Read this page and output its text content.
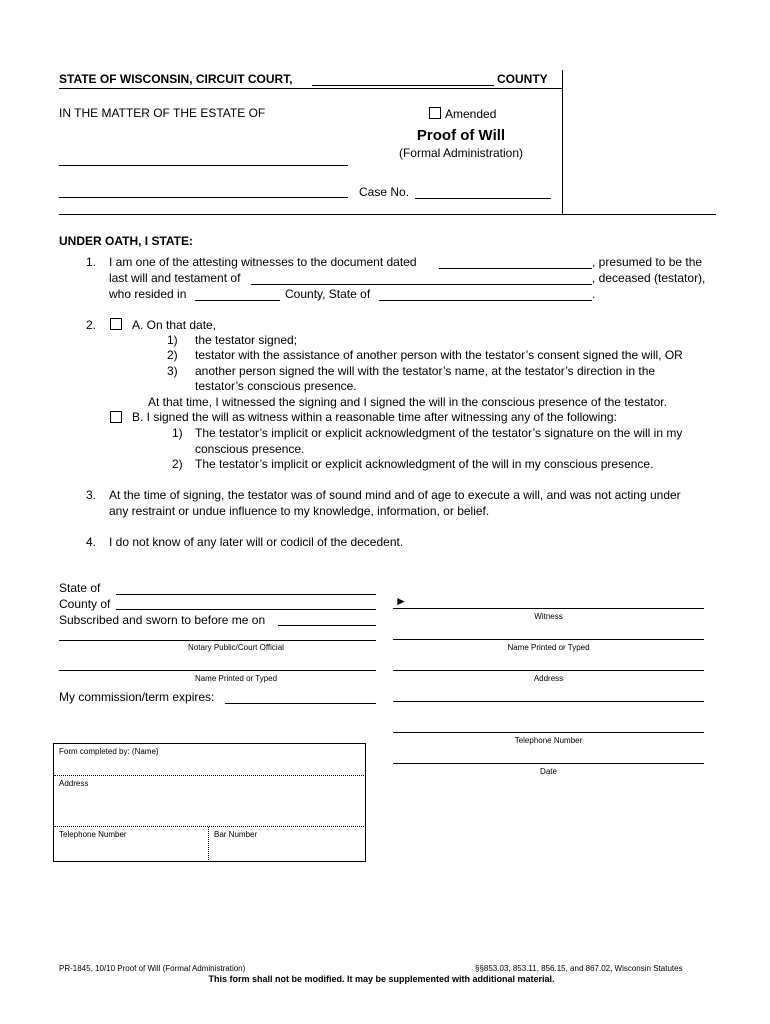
STATE OF WISCONSIN, CIRCUIT COURT,	COUNTY
IN THE MATTER OF THE ESTATE OF	Amended
Proof of Will
(Formal Administration)
Case No.
UNDER OATH, I STATE:
1. I am one of the attesting witnesses to the document dated	, presumed to be the
last will and testament of	, deceased (testator),
who resided in	County, State of	.
2.	A. On that date,
1) the testator signed;
2) testator with the assistance of another person with the testator’s consent signed the will, OR
3) another person signed the will with the testator’s name, at the testator’s direction in the
testator’s conscious presence.
At that time, I witnessed the signing and I signed the will in the conscious presence of the testator.
B. I signed the will as witness within a reasonable time after witnessing any of the following:
1) The testator’s implicit or explicit acknowledgment of the testator’s signature on the will in my
conscious presence.
2) The testator’s implicit or explicit acknowledgment of the will in my conscious presence.
3. At the time of signing, the testator was of sound mind and of age to execute a will, and was not acting under
any restraint or undue influence to my knowledge, information, or belief.
4. I do not know of any later will or codicil of the decedent.
State of
County of
Subscribed and sworn to before me on
Notary Public/Court Official
Name Printed or Typed
My commission/term expires:
►
Witness
Name Printed or Typed
Address
Telephone Number
Date
Form completed by: (Name)
Address
Telephone Number	Bar Number
PR-1845, 10/10 Proof of Will (Formal Administration)	§§853.03, 853.11, 856.15, and 867.02, Wisconsin Statutes
This form shall not be modified. It may be supplemented with additional material.
